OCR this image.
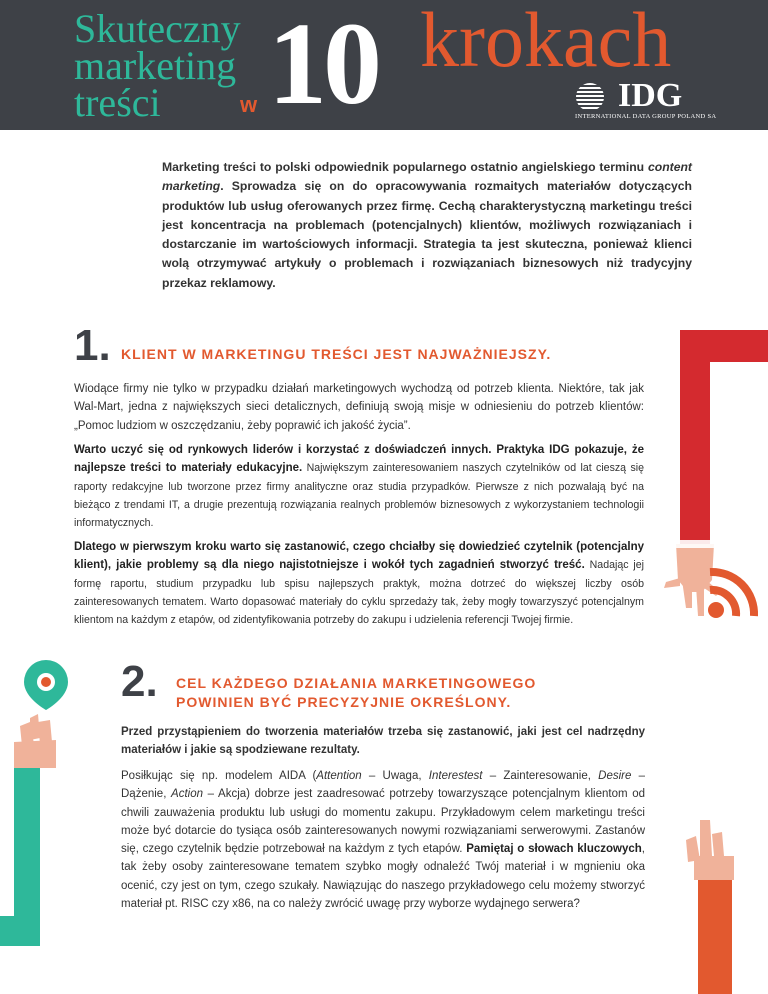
Skuteczny
marketing
treści	w 10 krokach
IDG
INTERNATIONAL DATA GROUP POLAND SA
Marketing treści to polski odpowiednik popularnego ostatnio angielskiego terminu content marketing. Sprowadza się on do opracowywania rozmaitych materiałów dotyczących produktów lub usług oferowanych przez firmę. Cechą charakterystyczną marketingu treści jest koncentracja na problemach (potencjalnych) klientów, możliwych rozwiązaniach i dostarczanie im wartościowych informacji. Strategia ta jest skuteczna, ponieważ klienci wolą otrzymywać artykuły o problemach i rozwiązaniach biznesowych niż tradycyjny przekaz reklamowy.
1. KLIENT W MARKETINGU TREŚCI JEST NAJWAŻNIEJSZY.
Wiodące firmy nie tylko w przypadku działań marketingowych wychodzą od potrzeb klienta. Niektóre, tak jak Wal-Mart, jedna z największych sieci detalicznych, definiują swoją misje w odniesieniu do potrzeb klientów: „Pomoc ludziom w oszczędzaniu, żeby poprawić ich jakość życia”.
Warto uczyć się od rynkowych liderów i korzystać z doświadczeń innych. Praktyka IDG pokazuje, że najlepsze treści to materiały edukacyjne. Największym zainteresowaniem naszych czytelników od lat cieszą się raporty redakcyjne lub tworzone przez firmy analityczne oraz studia przypadków. Pierwsze z nich pozwalają być na bieżąco z trendami IT, a drugie prezentują rozwiązania realnych problemów biznesowych z wykorzystaniem technologii informatycznych.
Dlatego w pierwszym kroku warto się zastanowić, czego chciałby się dowiedzieć czytelnik (potencjalny klient), jakie problemy są dla niego najistotniejsze i wokół tych zagadnień stworzyć treść. Nadając jej formę raportu, studium przypadku lub spisu najlepszych praktyk, można dotrzeć do większej liczby osób zainteresowanych tematem. Warto dopasować materiały do cyklu sprzedaży tak, żeby mogły towarzyszyć potencjalnym klientom na każdym z etapów, od zidentyfikowania potrzeby do zakupu i udzielenia referencji Twojej firmie.
2. CEL KAŻDEGO DZIAŁANIA MARKETINGOWEGO
POWINIEN BYĆ PRECYZYJNIE OKREŚLONY.
Przed przystąpieniem do tworzenia materiałów trzeba się zastanowić, jaki jest cel nadrzędny materiałów i jakie są spodziewane rezultaty.
Posiłkując się np. modelem AIDA (Attention – Uwaga, Interestest – Zainteresowanie, Desire – Dążenie, Action – Akcja) dobrze jest zaadresować potrzeby towarzyszące potencjalnym klientom od chwili zauważenia produktu lub usługi do momentu zakupu. Przykładowym celem marketingu treści może być dotarcie do tysiąca osób zainteresowanych nowymi rozwiązaniami serwerowymi. Zastanów się, czego czytelnik będzie potrzebował na każdym z tych etapów. Pamiętaj o słowach kluczowych, tak żeby osoby zainteresowane tematem szybko mogły odnaleźć Twój materiał i w mgnieniu oka ocenić, czy jest on tym, czego szukały. Nawiązując do naszego przykładowego celu możemy stworzyć materiał pt. RISC czy x86, na co należy zwrócić uwagę przy wyborze wydajnego serwera?
